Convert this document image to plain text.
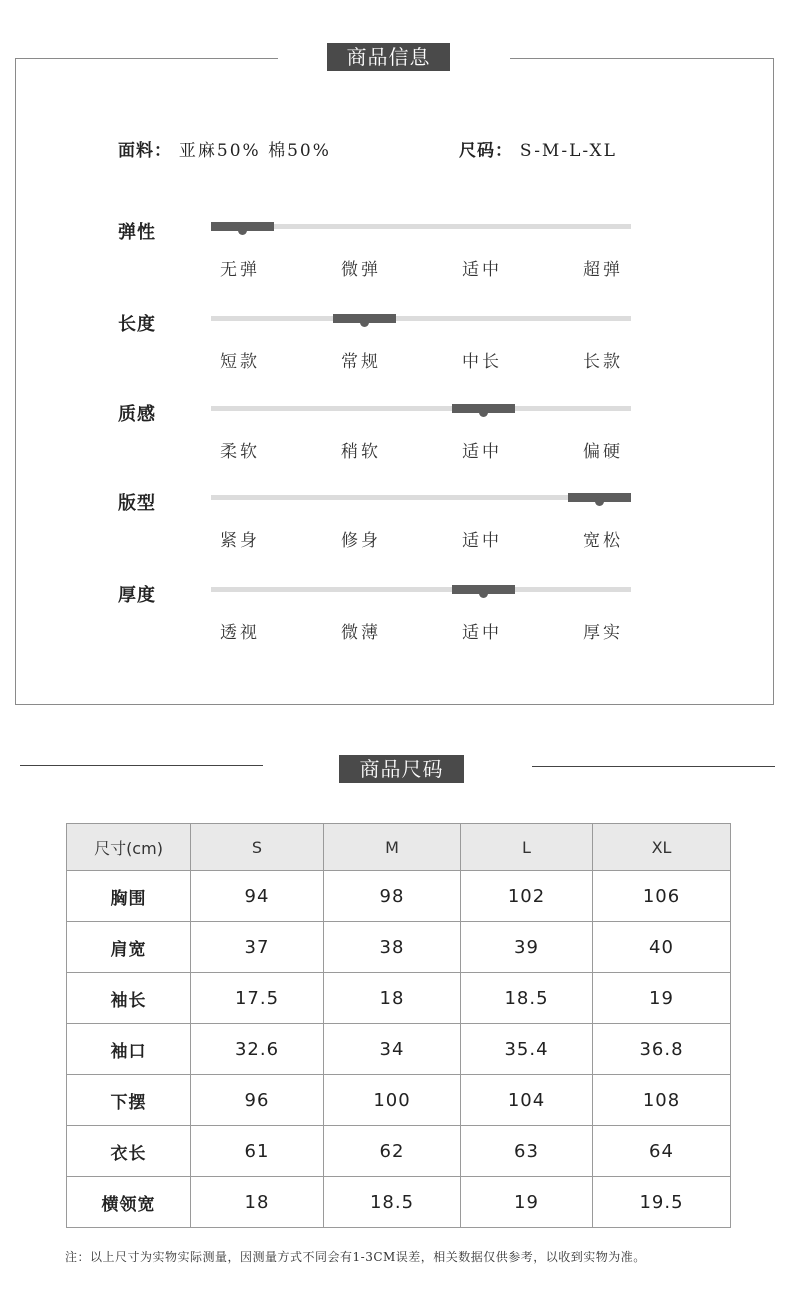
商品信息
面料： 亚麻50% 棉50%	尺码： S-M-L-XL
弹性
无弹	微弹	适中	超弹
长度
短款	常规	中长	长款
质感
柔软	稍软	适中	偏硬
版型
紧身	修身	适中	宽松
厚度
透视	微薄	适中	厚实
商品尺码
尺寸(cm)	S	M	L	XL
胸围	94	98	102	106
肩宽	37	38	39	40
袖长	17.5	18	18.5	19
袖口	32.6	34	35.4	36.8
下摆	96	100	104	108
衣长	61	62	63	64
横领宽	18	18.5	19	19.5
注：以上尺寸为实物实际测量，因测量方式不同会有1-3CM误差，相关数据仅供参考，以收到实物为准。
